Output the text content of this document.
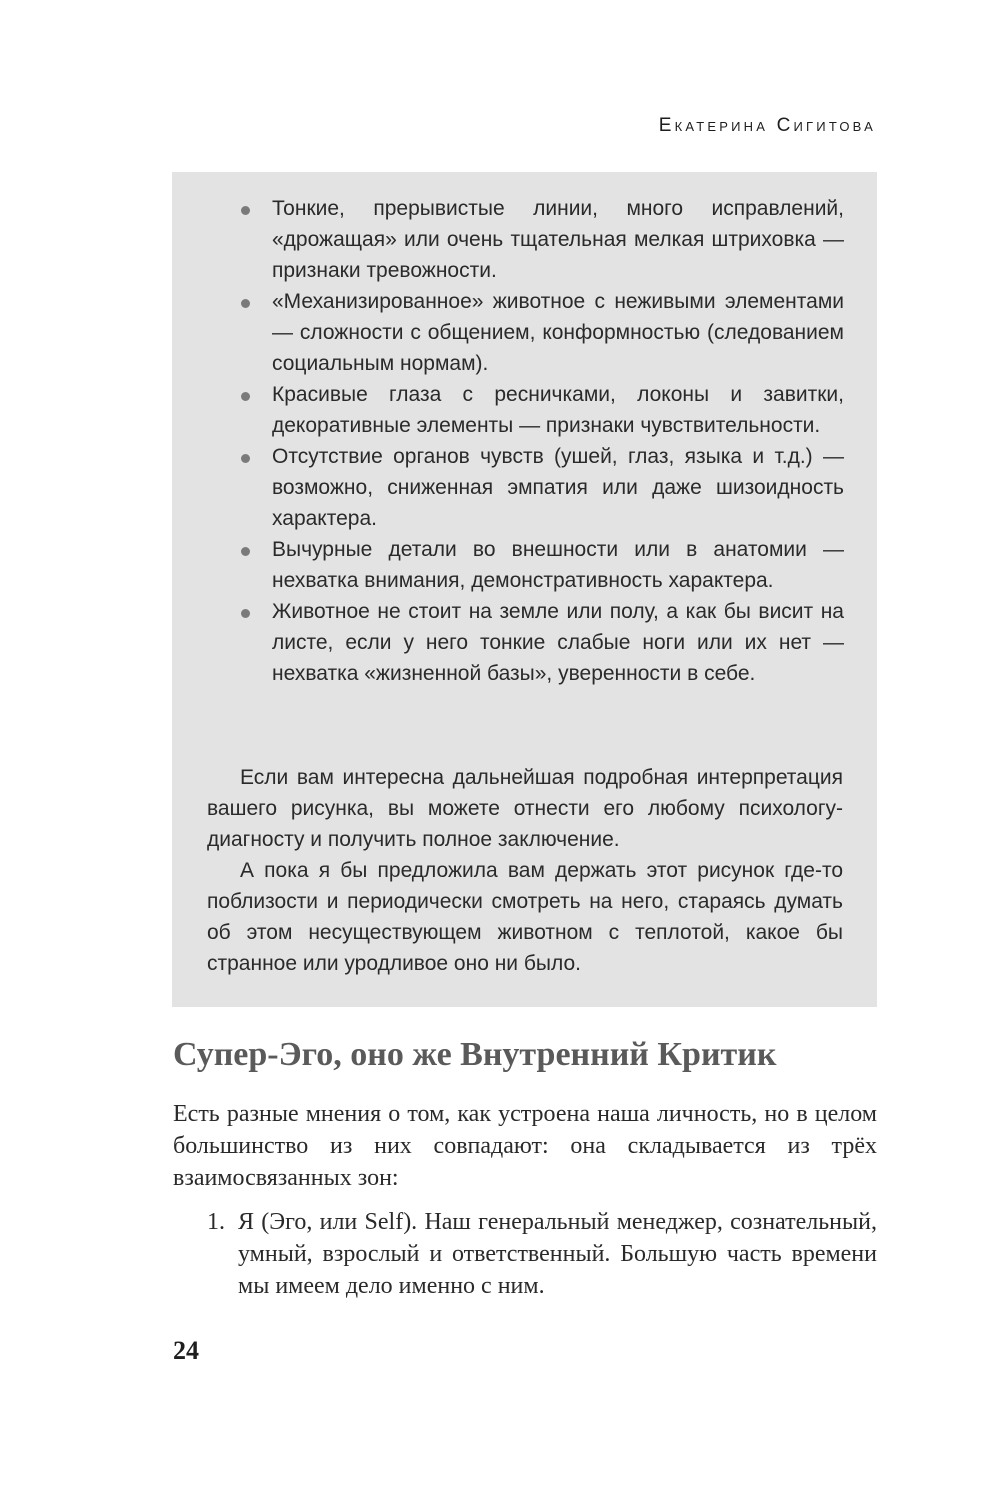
Екатерина Сигитова
Тонкие, прерывистые линии, много исправлений, «дрожащая» или очень тщательная мелкая штриховка — признаки тревожности.
«Механизированное» животное с неживыми элементами — сложности с общением, конформностью (следованием социальным нормам).
Красивые глаза с ресничками, локоны и завитки, декоративные элементы — признаки чувствительности.
Отсутствие органов чувств (ушей, глаз, языка и т.д.) — возможно, сниженная эмпатия или даже шизоидность характера.
Вычурные детали во внешности или в анатомии — нехватка внимания, демонстративность характера.
Животное не стоит на земле или полу, а как бы висит на листе, если у него тонкие слабые ноги или их нет — нехватка «жизненной базы», уверенности в себе.

Если вам интересна дальнейшая подробная интерпретация вашего рисунка, вы можете отнести его любому психологу-диагносту и получить полное заключение.

А пока я бы предложила вам держать этот рисунок где-то поблизости и периодически смотреть на него, стараясь думать об этом несуществующем животном с теплотой, какое бы странное или уродливое оно ни было.

Супер-Эго, оно же Внутренний Критик

Есть разные мнения о том, как устроена наша личность, но в целом большинство из них совпадают: она складывается из трёх взаимосвязанных зон:

1. Я (Эго, или Self). Наш генеральный менеджер, сознательный, умный, взрослый и ответственный. Большую часть времени мы имеем дело именно с ним.

24
